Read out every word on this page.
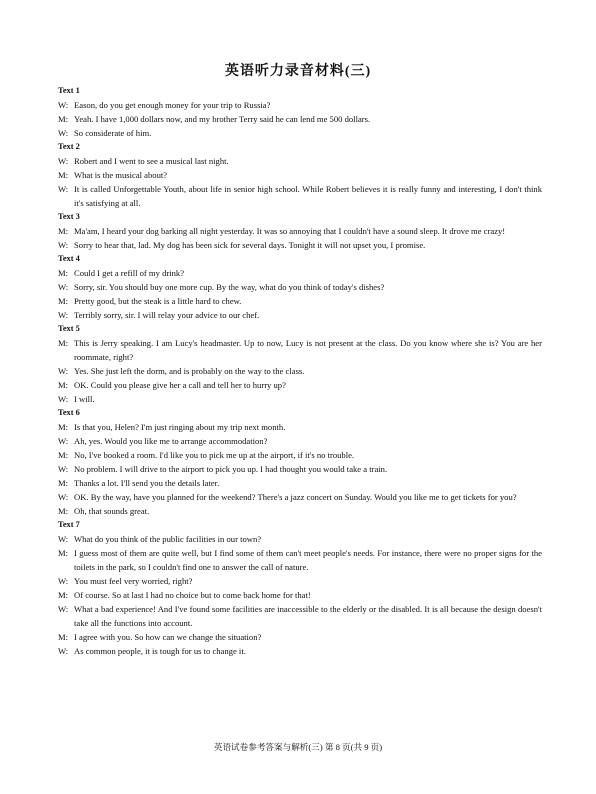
英语听力录音材料(三)
Text 1
W: Eason, do you get enough money for your trip to Russia?
M: Yeah. I have 1,000 dollars now, and my brother Terry said he can lend me 500 dollars.
W: So considerate of him.
Text 2
W: Robert and I went to see a musical last night.
M: What is the musical about?
W: It is called Unforgettable Youth, about life in senior high school. While Robert believes it is really funny and interesting, I don't think it's satisfying at all.
Text 3
M: Ma'am, I heard your dog barking all night yesterday. It was so annoying that I couldn't have a sound sleep. It drove me crazy!
W: Sorry to hear that, lad. My dog has been sick for several days. Tonight it will not upset you, I promise.
Text 4
M: Could I get a refill of my drink?
W: Sorry, sir. You should buy one more cup. By the way, what do you think of today's dishes?
M: Pretty good, but the steak is a little hard to chew.
W: Terribly sorry, sir. I will relay your advice to our chef.
Text 5
M: This is Jerry speaking. I am Lucy's headmaster. Up to now, Lucy is not present at the class. Do you know where she is? You are her roommate, right?
W: Yes. She just left the dorm, and is probably on the way to the class.
M: OK. Could you please give her a call and tell her to hurry up?
W: I will.
Text 6
M: Is that you, Helen? I'm just ringing about my trip next month.
W: Ah, yes. Would you like me to arrange accommodation?
M: No, I've booked a room. I'd like you to pick me up at the airport, if it's no trouble.
W: No problem. I will drive to the airport to pick you up. I had thought you would take a train.
M: Thanks a lot. I'll send you the details later.
W: OK. By the way, have you planned for the weekend? There's a jazz concert on Sunday. Would you like me to get tickets for you?
M: Oh, that sounds great.
Text 7
W: What do you think of the public facilities in our town?
M: I guess most of them are quite well, but I find some of them can't meet people's needs. For instance, there were no proper signs for the toilets in the park, so I couldn't find one to answer the call of nature.
W: You must feel very worried, right?
M: Of course. So at last I had no choice but to come back home for that!
W: What a bad experience! And I've found some facilities are inaccessible to the elderly or the disabled. It is all because the design doesn't take all the functions into account.
M: I agree with you. So how can we change the situation?
W: As common people, it is tough for us to change it.
英语试卷参考答案与解析(三) 第 8 页(共 9 页)
